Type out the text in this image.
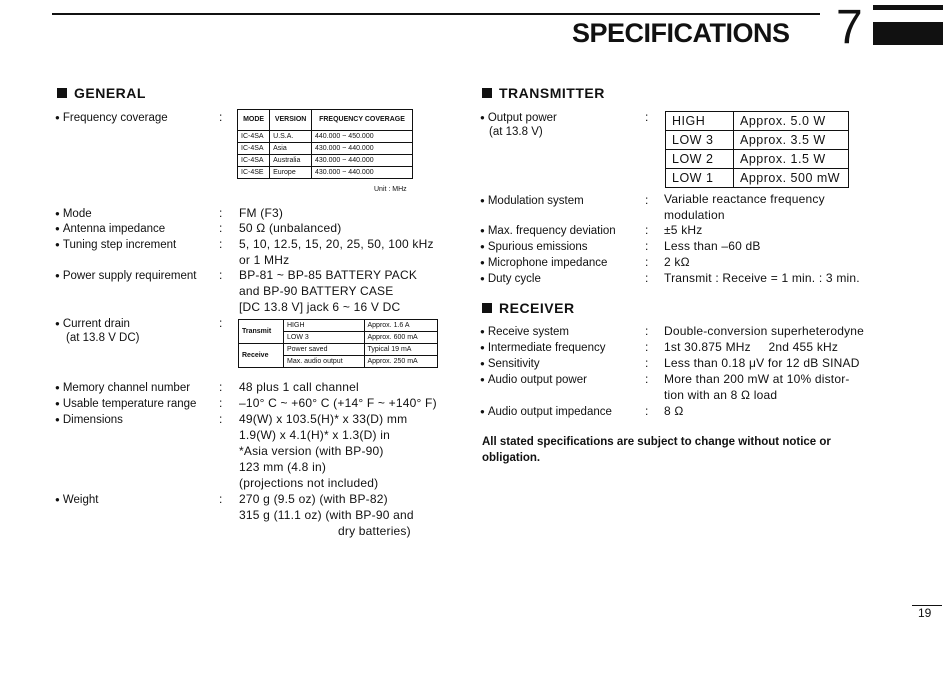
SPECIFICATIONS 7
GENERAL
● Frequency coverage	:	MODE	VERSION	FREQUENCY COVERAGE
IC-4SA	U.S.A.	440.000 ~ 450.000
IC-4SA	Asia	430.000 ~ 440.000
IC-4SA	Australia	430.000 ~ 440.000
IC-4SE	Europe	430.000 ~ 440.000
Unit : MHz
● Mode	: FM (F3)
● Antenna impedance	: 50 Ω (unbalanced)
● Tuning step increment	: 5, 10, 12.5, 15, 20, 25, 50, 100 kHz
or 1 MHz
● Power supply requirement : BP-81 ~ BP-85 BATTERY PACK
and BP-90 BATTERY CASE
[DC 13.8 V] jack 6 ~ 16 V DC
● Current drain
(at 13.8 V DC)
:
Transmit	HIGH	Approx. 1.6 A
	LOW 3	Approx. 600 mA
Receive	Power saved	Typical 19 mA
	Max. audio output	Approx. 250 mA
● Memory channel number : 48 plus 1 call channel
● Usable temperature range : –10° C ~ +60° C (+14° F ~ +140° F)
● Dimensions	: 49(W) x 103.5(H)* x 33(D) mm
1.9(W) x 4.1(H)* x 1.3(D) in
*Asia version (with BP-90)
123 mm (4.8 in)
(projections not included)
● Weight	: 270 g (9.5 oz) (with BP-82)
315 g (11.1 oz) (with BP-90 and
dry batteries)
TRANSMITTER
● Output power
(at 13.8 V)
: HIGH	Approx. 5.0 W
LOW 3	Approx. 3.5 W
LOW 2	Approx. 1.5 W
LOW 1	Approx. 500 mW
● Modulation system	: Variable reactance frequency
modulation
● Max. frequency deviation : ±5 kHz
● Spurious emissions	: Less than –60 dB
● Microphone impedance	: 2 kΩ
● Duty cycle	: Transmit : Receive = 1 min. : 3 min.
RECEIVER
● Receive system	: Double-conversion superheterodyne
● Intermediate frequency	: 1st 30.875 MHz     2nd 455 kHz
● Sensitivity	: Less than 0.18 μV for 12 dB SINAD
● Audio output power	: More than 200 mW at 10% distor-
tion with an 8 Ω load
● Audio output impedance	: 8 Ω
All stated specifications are subject to change without notice or obligation.
19
